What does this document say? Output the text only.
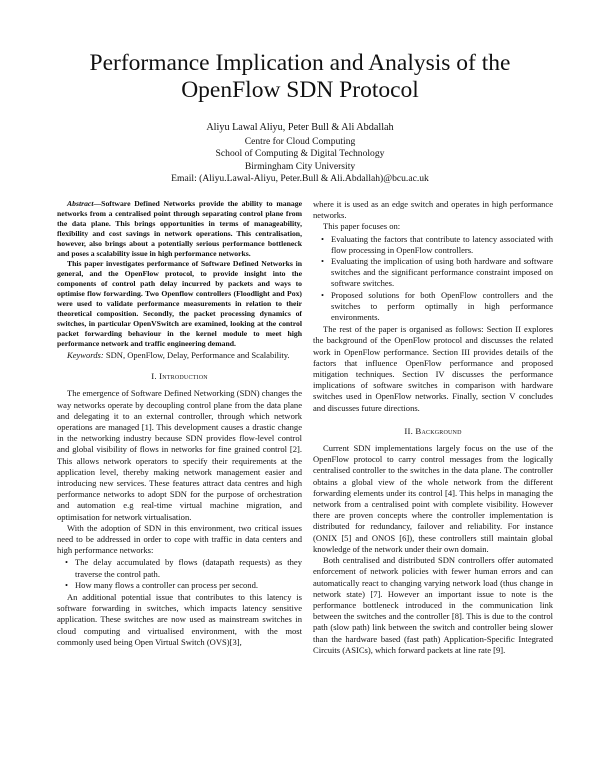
Performance Implication and Analysis of the
OpenFlow SDN Protocol
Aliyu Lawal Aliyu, Peter Bull & Ali Abdallah
Centre for Cloud Computing
School of Computing & Digital Technology
Birmingham City University
Email: (Aliyu.Lawal-Aliyu, Peter.Bull & Ali.Abdallah)@bcu.ac.uk

Abstract—Software Defined Networks provide the ability to manage networks from a centralised point through separating control plane from the data plane. This brings opportunities in terms of manageability, flexibility and cost savings in network operations. This centralisation, however, also brings about a potentially serious performance bottleneck and poses a scalability issue in high performance networks.

This paper investigates performance of Software Defined Networks in general, and the OpenFlow protocol, to provide insight into the components of control path delay incurred by packets and ways to optimise flow forwarding. Two Openflow controllers (Floodlight and Pox) were used to validate performance measurements in relation to their theoretical composition. Secondly, the packet processing dynamics of switches, in particular OpenVSwitch are examined, looking at the control packet forwarding behaviour in the kernel module to meet high performance network and traffic engineering demand.

Keywords: SDN, OpenFlow, Delay, Performance and Scalability.

I. Introduction

The emergence of Software Defined Networking (SDN) changes the way networks operate by decoupling control plane from the data plane and delegating it to an external controller, through which network operations are managed [1]. This development causes a drastic change in the networking industry because SDN provides flow-level control and global visibility of flows in networks for fine grained control [2]. This allows network operators to specify their requirements at the application level, thereby making network management easier and introducing new services. These features attract data centres and high performance networks to adopt SDN for the purpose of orchestration and automation e.g real-time virtual machine migration, and optimisation for network virtualisation.

With the adoption of SDN in this environment, two critical issues need to be addressed in order to cope with traffic in data centers and high performance networks:

• The delay accumulated by flows (datapath requests) as they traverse the control path.
• How many flows a controller can process per second.

An additional potential issue that contributes to this latency is software forwarding in switches, which impacts latency sensitive application. These switches are now used as mainstream switches in cloud computing and virtualised environment, with the most commonly used being Open Virtual Switch (OVS)[3],

where it is used as an edge switch and operates in high performance networks.

This paper focuses on:

• Evaluating the factors that contribute to latency associated with flow processing in OpenFlow controllers.
• Evaluating the implication of using both hardware and software switches and the significant performance constraint imposed on software switches.
• Proposed solutions for both OpenFlow controllers and the switches to perform optimally in high performance environments.

The rest of the paper is organised as follows: Section II explores the background of the OpenFlow protocol and discusses the related work in OpenFlow performance. Section III provides details of the factors that influence OpenFlow performance and proposed mitigation techniques. Section IV discusses the performance implications of software switches in comparison with hardware switches used in OpenFlow networks. Finally, section V concludes and discusses future directions.

II. Background

Current SDN implementations largely focus on the use of the OpenFlow protocol to carry control messages from the logically centralised controller to the switches in the data plane. The controller obtains a global view of the whole network from the different forwarding elements under its control [4]. This helps in managing the network from a centralised point with complete visibility. However there are proven concepts where the controller implementation is distributed for redundancy, failover and reliability. For instance (ONIX [5] and ONOS [6]), these controllers still maintain global knowledge of the network under their own domain.

Both centralised and distributed SDN controllers offer automated enforcement of network policies with fewer human errors and can automatically react to changing varying network load (thus change in network state) [7]. However an important issue to note is the performance bottleneck introduced in the communication link between the switches and the controller [8]. This is due to the control path (slow path) link between the switch and controller being slower than the hardware based (fast path) Application-Specific Integrated Circuits (ASICs), which forward packets at line rate [9].
